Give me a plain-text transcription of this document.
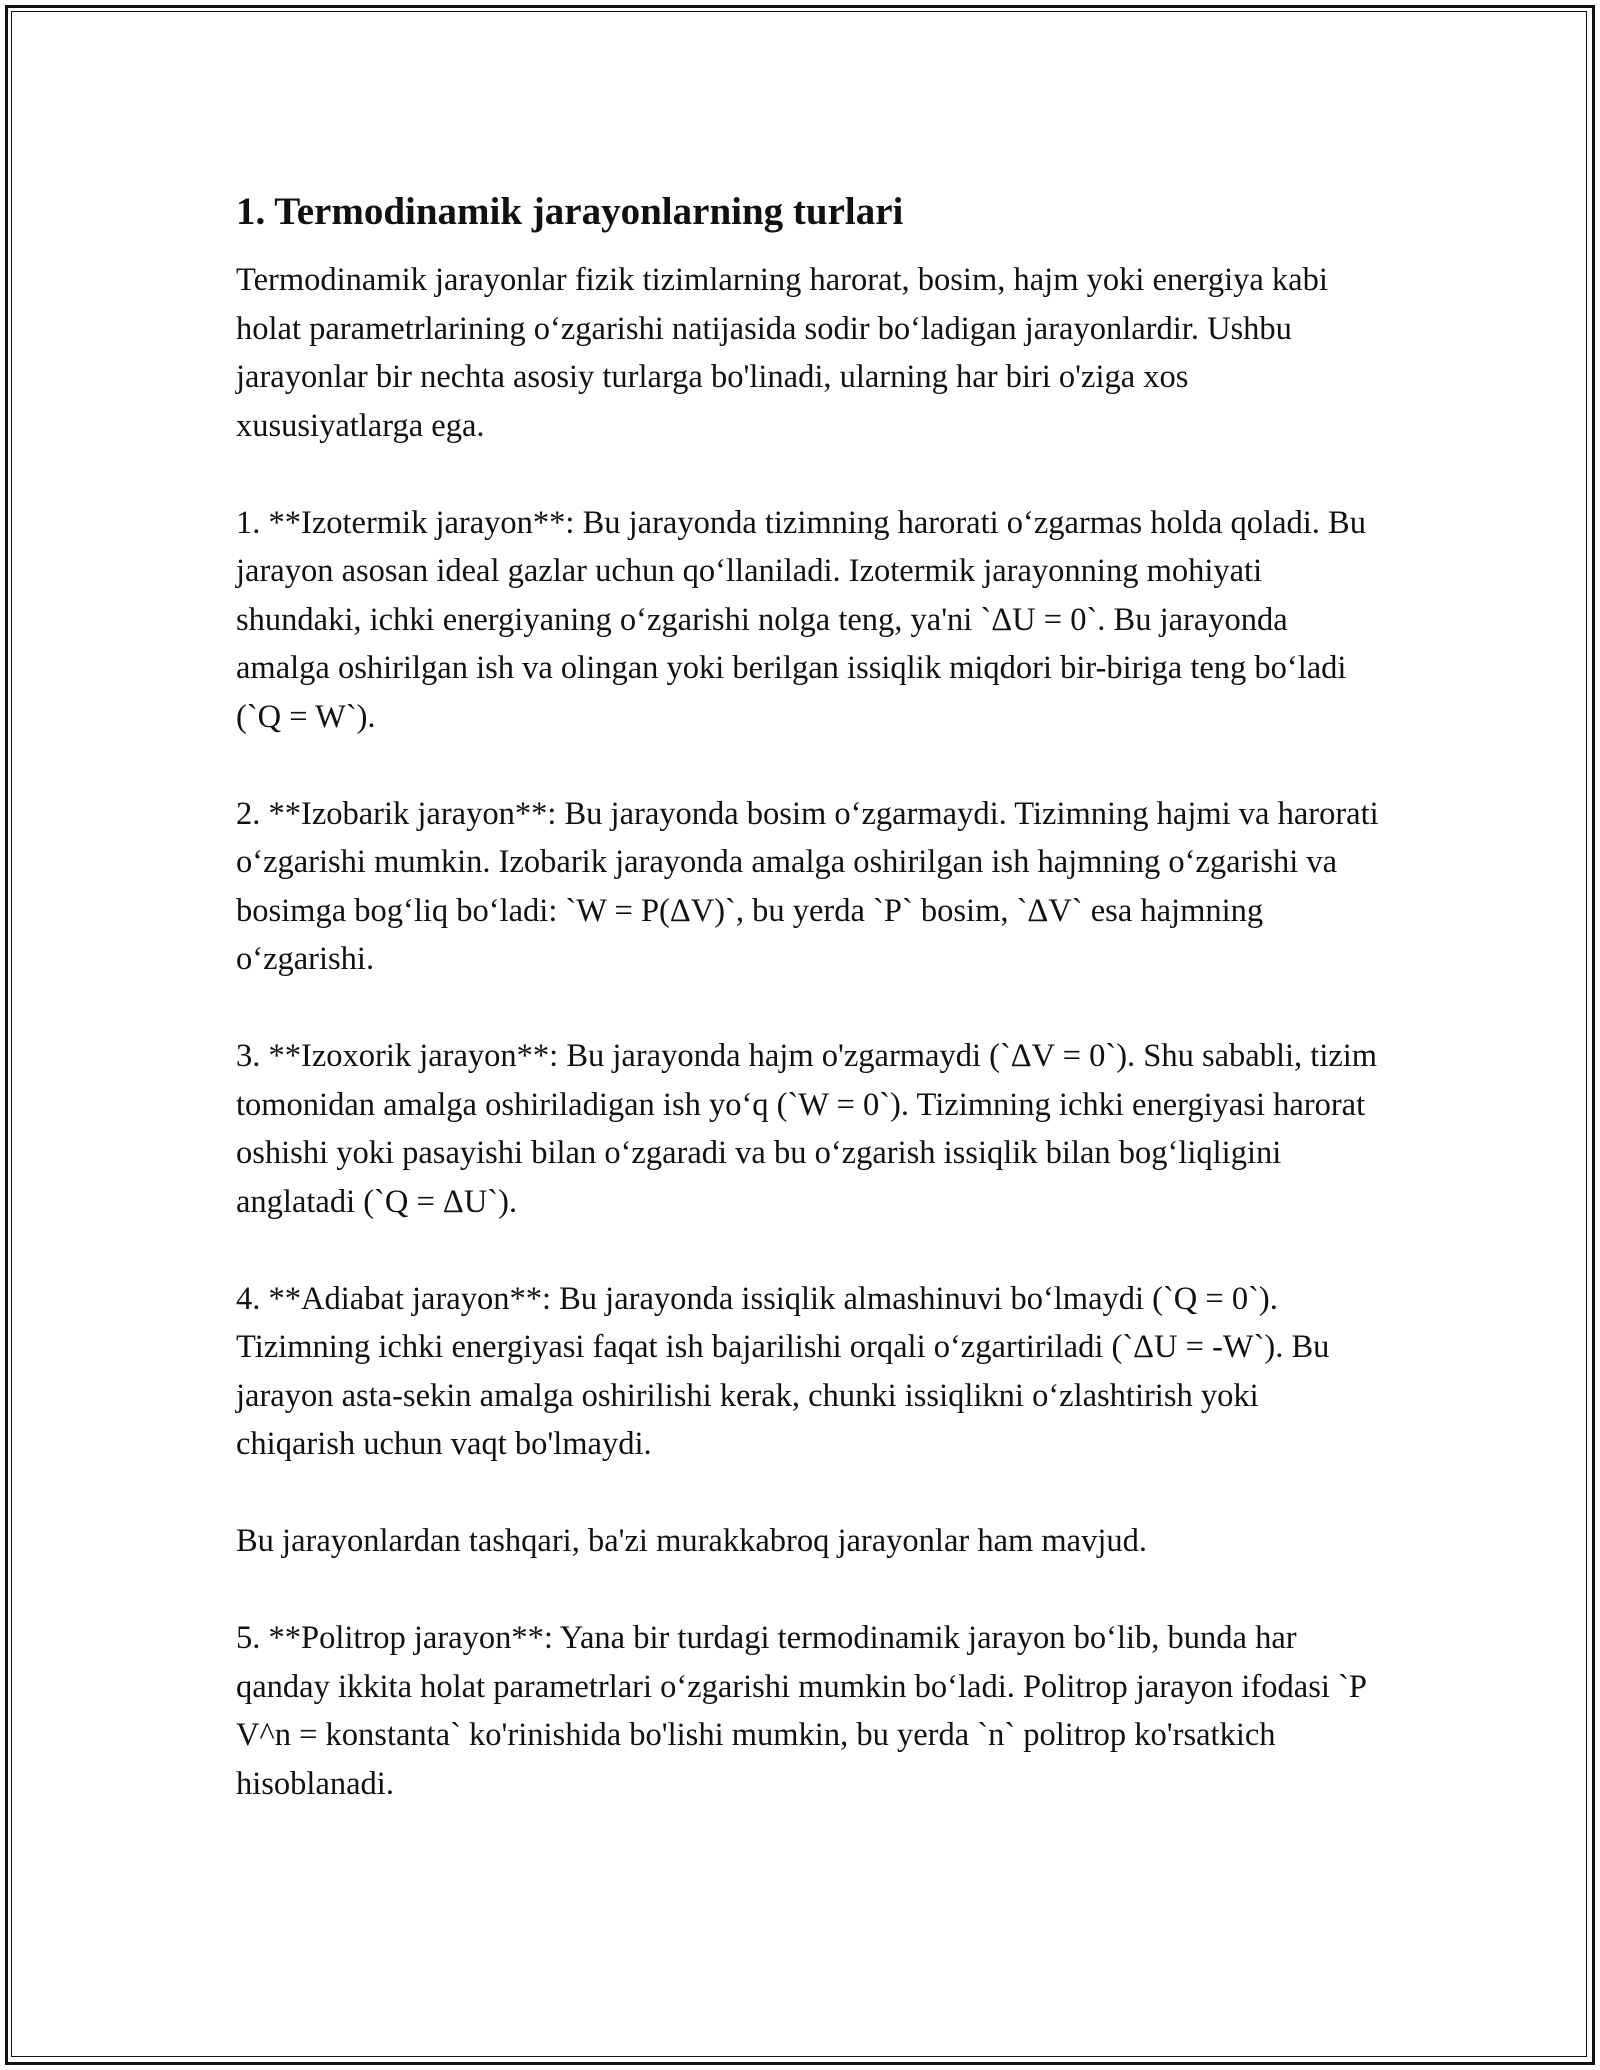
1. Termodinamik jarayonlarning turlari

Termodinamik jarayonlar fizik tizimlarning harorat, bosim, hajm yoki energiya kabi holat parametrlarining o‘zgarishi natijasida sodir bo‘ladigan jarayonlardir. Ushbu jarayonlar bir nechta asosiy turlarga bo'linadi, ularning har biri o'ziga xos xususiyatlarga ega.

1. **Izotermik jarayon**: Bu jarayonda tizimning harorati o‘zgarmas holda qoladi. Bu jarayon asosan ideal gazlar uchun qo‘llaniladi. Izotermik jarayonning mohiyati shundaki, ichki energiyaning o‘zgarishi nolga teng, ya'ni `ΔU = 0`. Bu jarayonda amalga oshirilgan ish va olingan yoki berilgan issiqlik miqdori bir-biriga teng bo‘ladi (`Q = W`).

2. **Izobarik jarayon**: Bu jarayonda bosim o‘zgarmaydi. Tizimning hajmi va harorati o‘zgarishi mumkin. Izobarik jarayonda amalga oshirilgan ish hajmning o‘zgarishi va bosimga bog‘liq bo‘ladi: `W = P(ΔV)`, bu yerda `P` bosim, `ΔV` esa hajmning o‘zgarishi.

3. **Izoxorik jarayon**: Bu jarayonda hajm o'zgarmaydi (`ΔV = 0`). Shu sababli, tizim tomonidan amalga oshiriladigan ish yo‘q (`W = 0`). Tizimning ichki energiyasi harorat oshishi yoki pasayishi bilan o‘zgaradi va bu o‘zgarish issiqlik bilan bog‘liqligini anglatadi (`Q = ΔU`).

4. **Adiabat jarayon**: Bu jarayonda issiqlik almashinuvi bo‘lmaydi (`Q = 0`). Tizimning ichki energiyasi faqat ish bajarilishi orqali o‘zgartiriladi (`ΔU = -W`). Bu jarayon asta-sekin amalga oshirilishi kerak, chunki issiqlikni o‘zlashtirish yoki chiqarish uchun vaqt bo'lmaydi.

Bu jarayonlardan tashqari, ba'zi murakkabroq jarayonlar ham mavjud.

5. **Politrop jarayon**: Yana bir turdagi termodinamik jarayon bo‘lib, bunda har qanday ikkita holat parametrlari o‘zgarishi mumkin bo‘ladi. Politrop jarayon ifodasi `P V^n = konstanta` ko'rinishida bo'lishi mumkin, bu yerda `n` politrop ko'rsatkich hisoblanadi.
